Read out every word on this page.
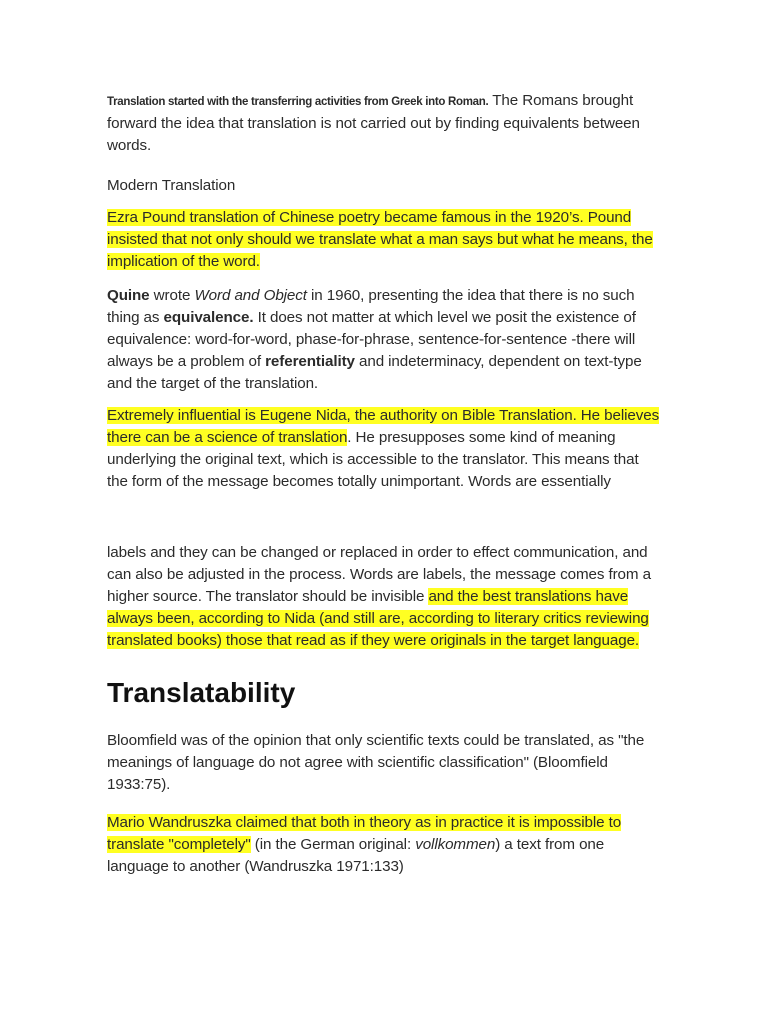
Translation started with the transferring activities from Greek into Roman. The Romans brought forward the idea that translation is not carried out by finding equivalents between words.

Modern Translation

Ezra Pound translation of Chinese poetry became famous in the 1920’s. Pound insisted that not only should we translate what a man says but what he means, the implication of the word.

Quine wrote Word and Object in 1960, presenting the idea that there is no such thing as equivalence. It does not matter at which level we posit the existence of equivalence: word-for-word, phase-for-phrase, sentence-for-sentence -there will always be a problem of referentiality and indeterminacy, dependent on text-type and the target of the translation.

Extremely influential is Eugene Nida, the authority on Bible Translation. He believes there can be a science of translation. He presupposes some kind of meaning underlying the original text, which is accessible to the translator. This means that the form of the message becomes totally unimportant. Words are essentially

labels and they can be changed or replaced in order to effect communication, and can also be adjusted in the process. Words are labels, the message comes from a higher source. The translator should be invisible and the best translations have always been, according to Nida (and still are, according to literary critics reviewing translated books) those that read as if they were originals in the target language.

Translatability

Bloomfield was of the opinion that only scientific texts could be translated, as "the meanings of language do not agree with scientific classification" (Bloomfield 1933:75).

Mario Wandruszka claimed that both in theory as in practice it is impossible to translate "completely" (in the German original: vollkommen) a text from one language to another (Wandruszka 1971:133)
